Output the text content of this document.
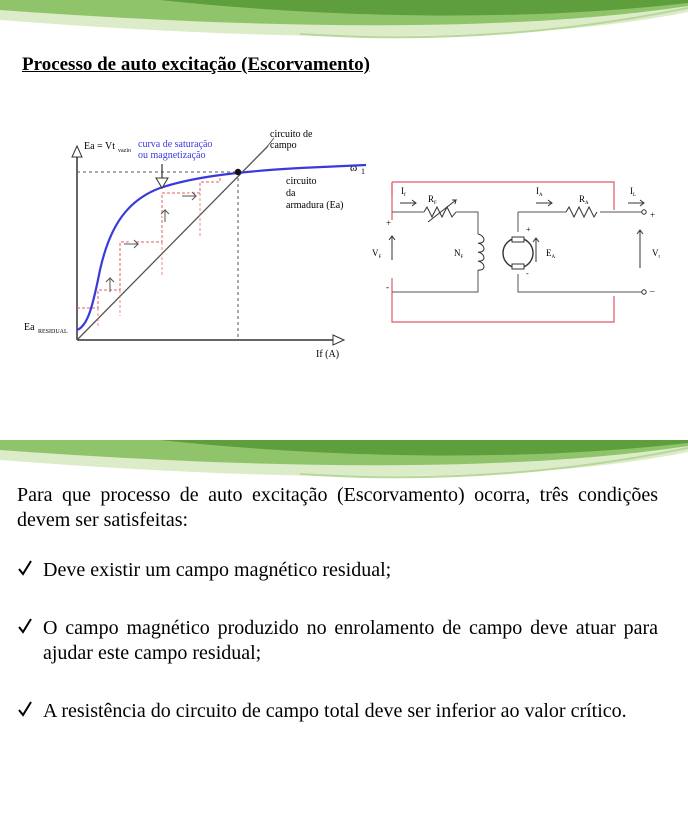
Processo de auto excitação (Escorvamento)
Ea = Vt vazio
curva de saturação
ou magnetização
circuito de
campo
ω 1
circuito
da
armadura (Ea)
Ea RESIDUAL
If (A)
$I_f$ $R_F$
$V_F$	$N_F$
$I_A$	$R_A$
$I_L$
$E_A$	$V_t$
+
-
+
-
+
–

Para que processo de auto excitação (Escorvamento) ocorra, três condições devem ser satisfeitas:

Deve existir um campo magnético residual;
O campo magnético produzido no enrolamento de campo deve atuar para ajudar este campo residual;
A resistência do circuito de campo total deve ser inferior ao valor crítico.
